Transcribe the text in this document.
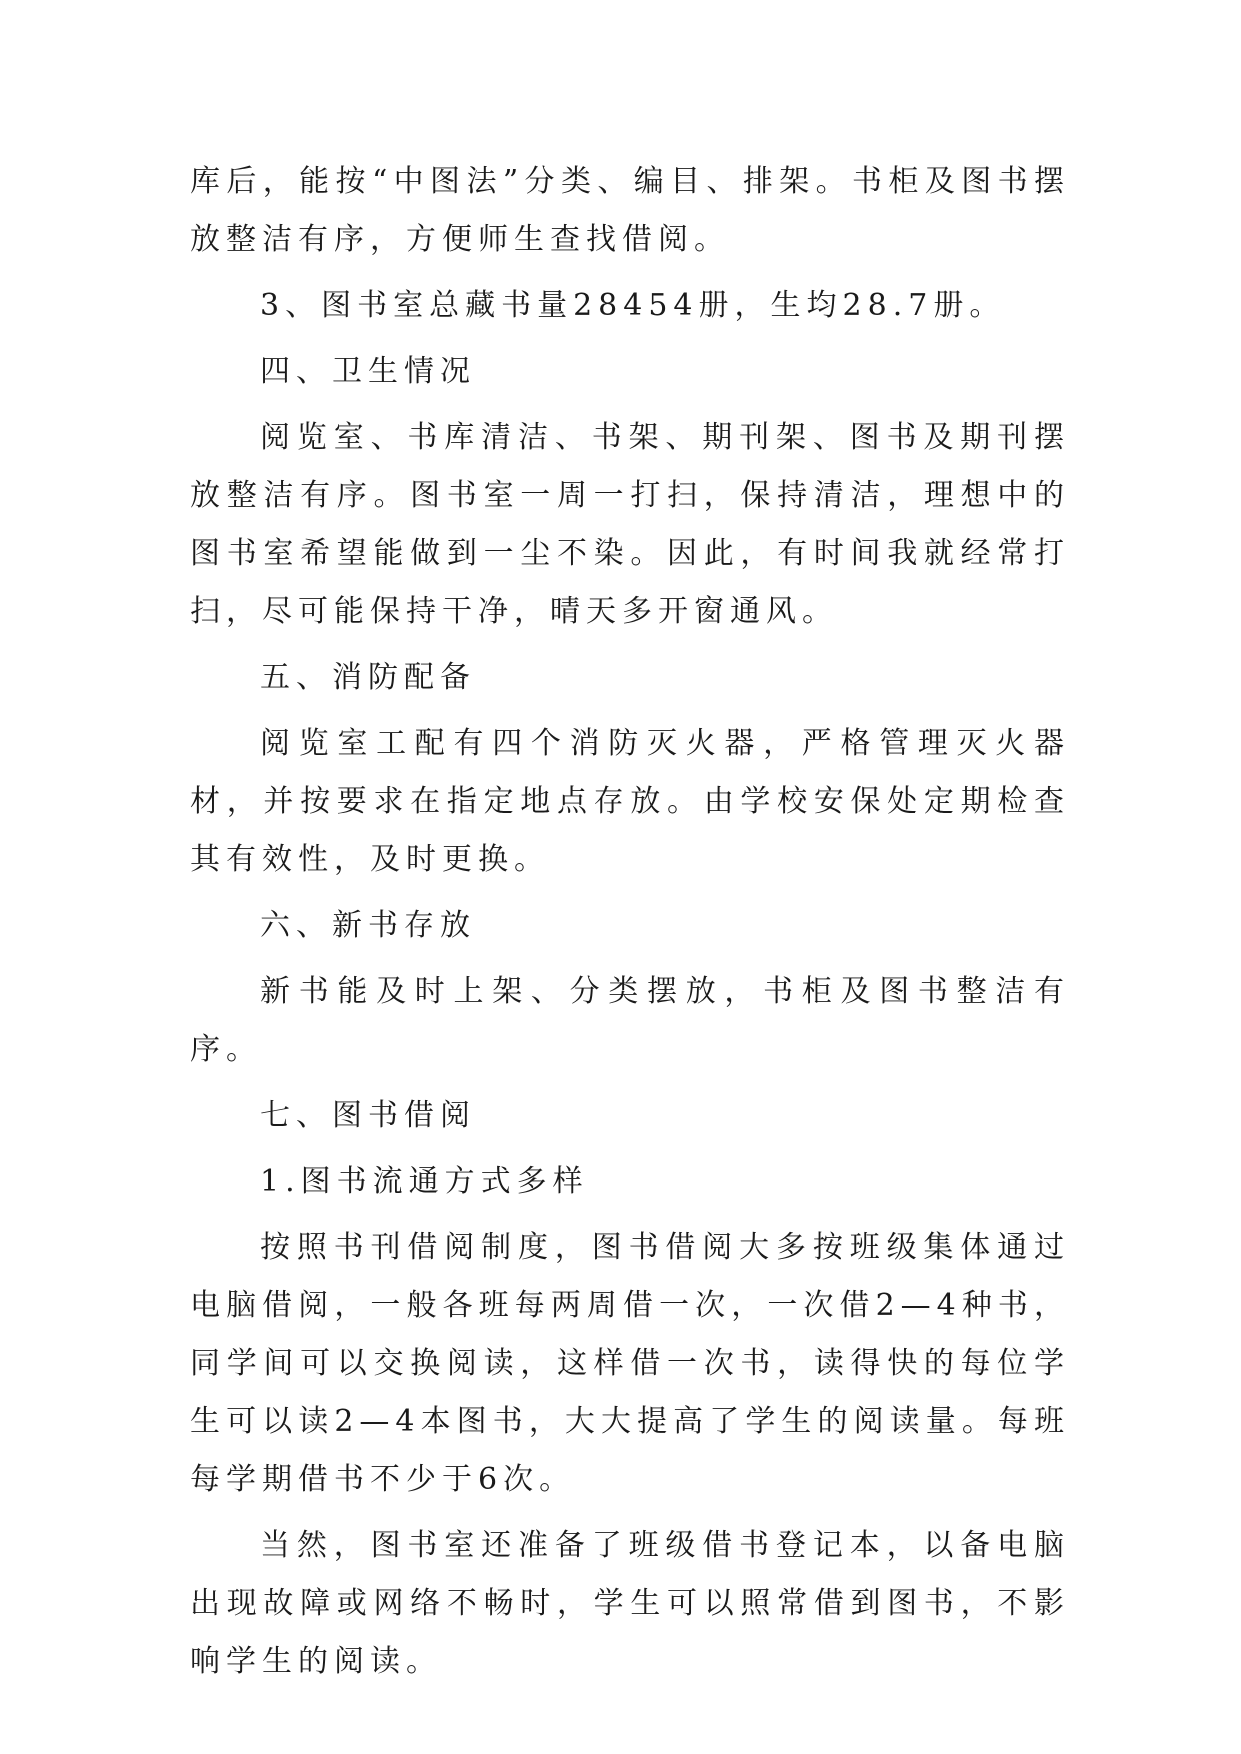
库后，能按“中图法”分类、编目、排架。书柜及图书摆放整洁有序，方便师生查找借阅。

3、图书室总藏书量28454册，生均28.7册。

四、卫生情况

阅览室、书库清洁、书架、期刊架、图书及期刊摆放整洁有序。图书室一周一打扫，保持清洁，理想中的图书室希望能做到一尘不染。因此，有时间我就经常打扫，尽可能保持干净，晴天多开窗通风。

五、消防配备

阅览室工配有四个消防灭火器，严格管理灭火器材，并按要求在指定地点存放。由学校安保处定期检查其有效性，及时更换。

六、新书存放

新书能及时上架、分类摆放，书柜及图书整洁有序。

七、图书借阅

1.图书流通方式多样

按照书刊借阅制度，图书借阅大多按班级集体通过电脑借阅，一般各班每两周借一次，一次借2—4种书，同学间可以交换阅读，这样借一次书，读得快的每位学生可以读2—4本图书，大大提高了学生的阅读量。每班每学期借书不少于6次。

当然，图书室还准备了班级借书登记本，以备电脑出现故障或网络不畅时，学生可以照常借到图书，不影响学生的阅读。
